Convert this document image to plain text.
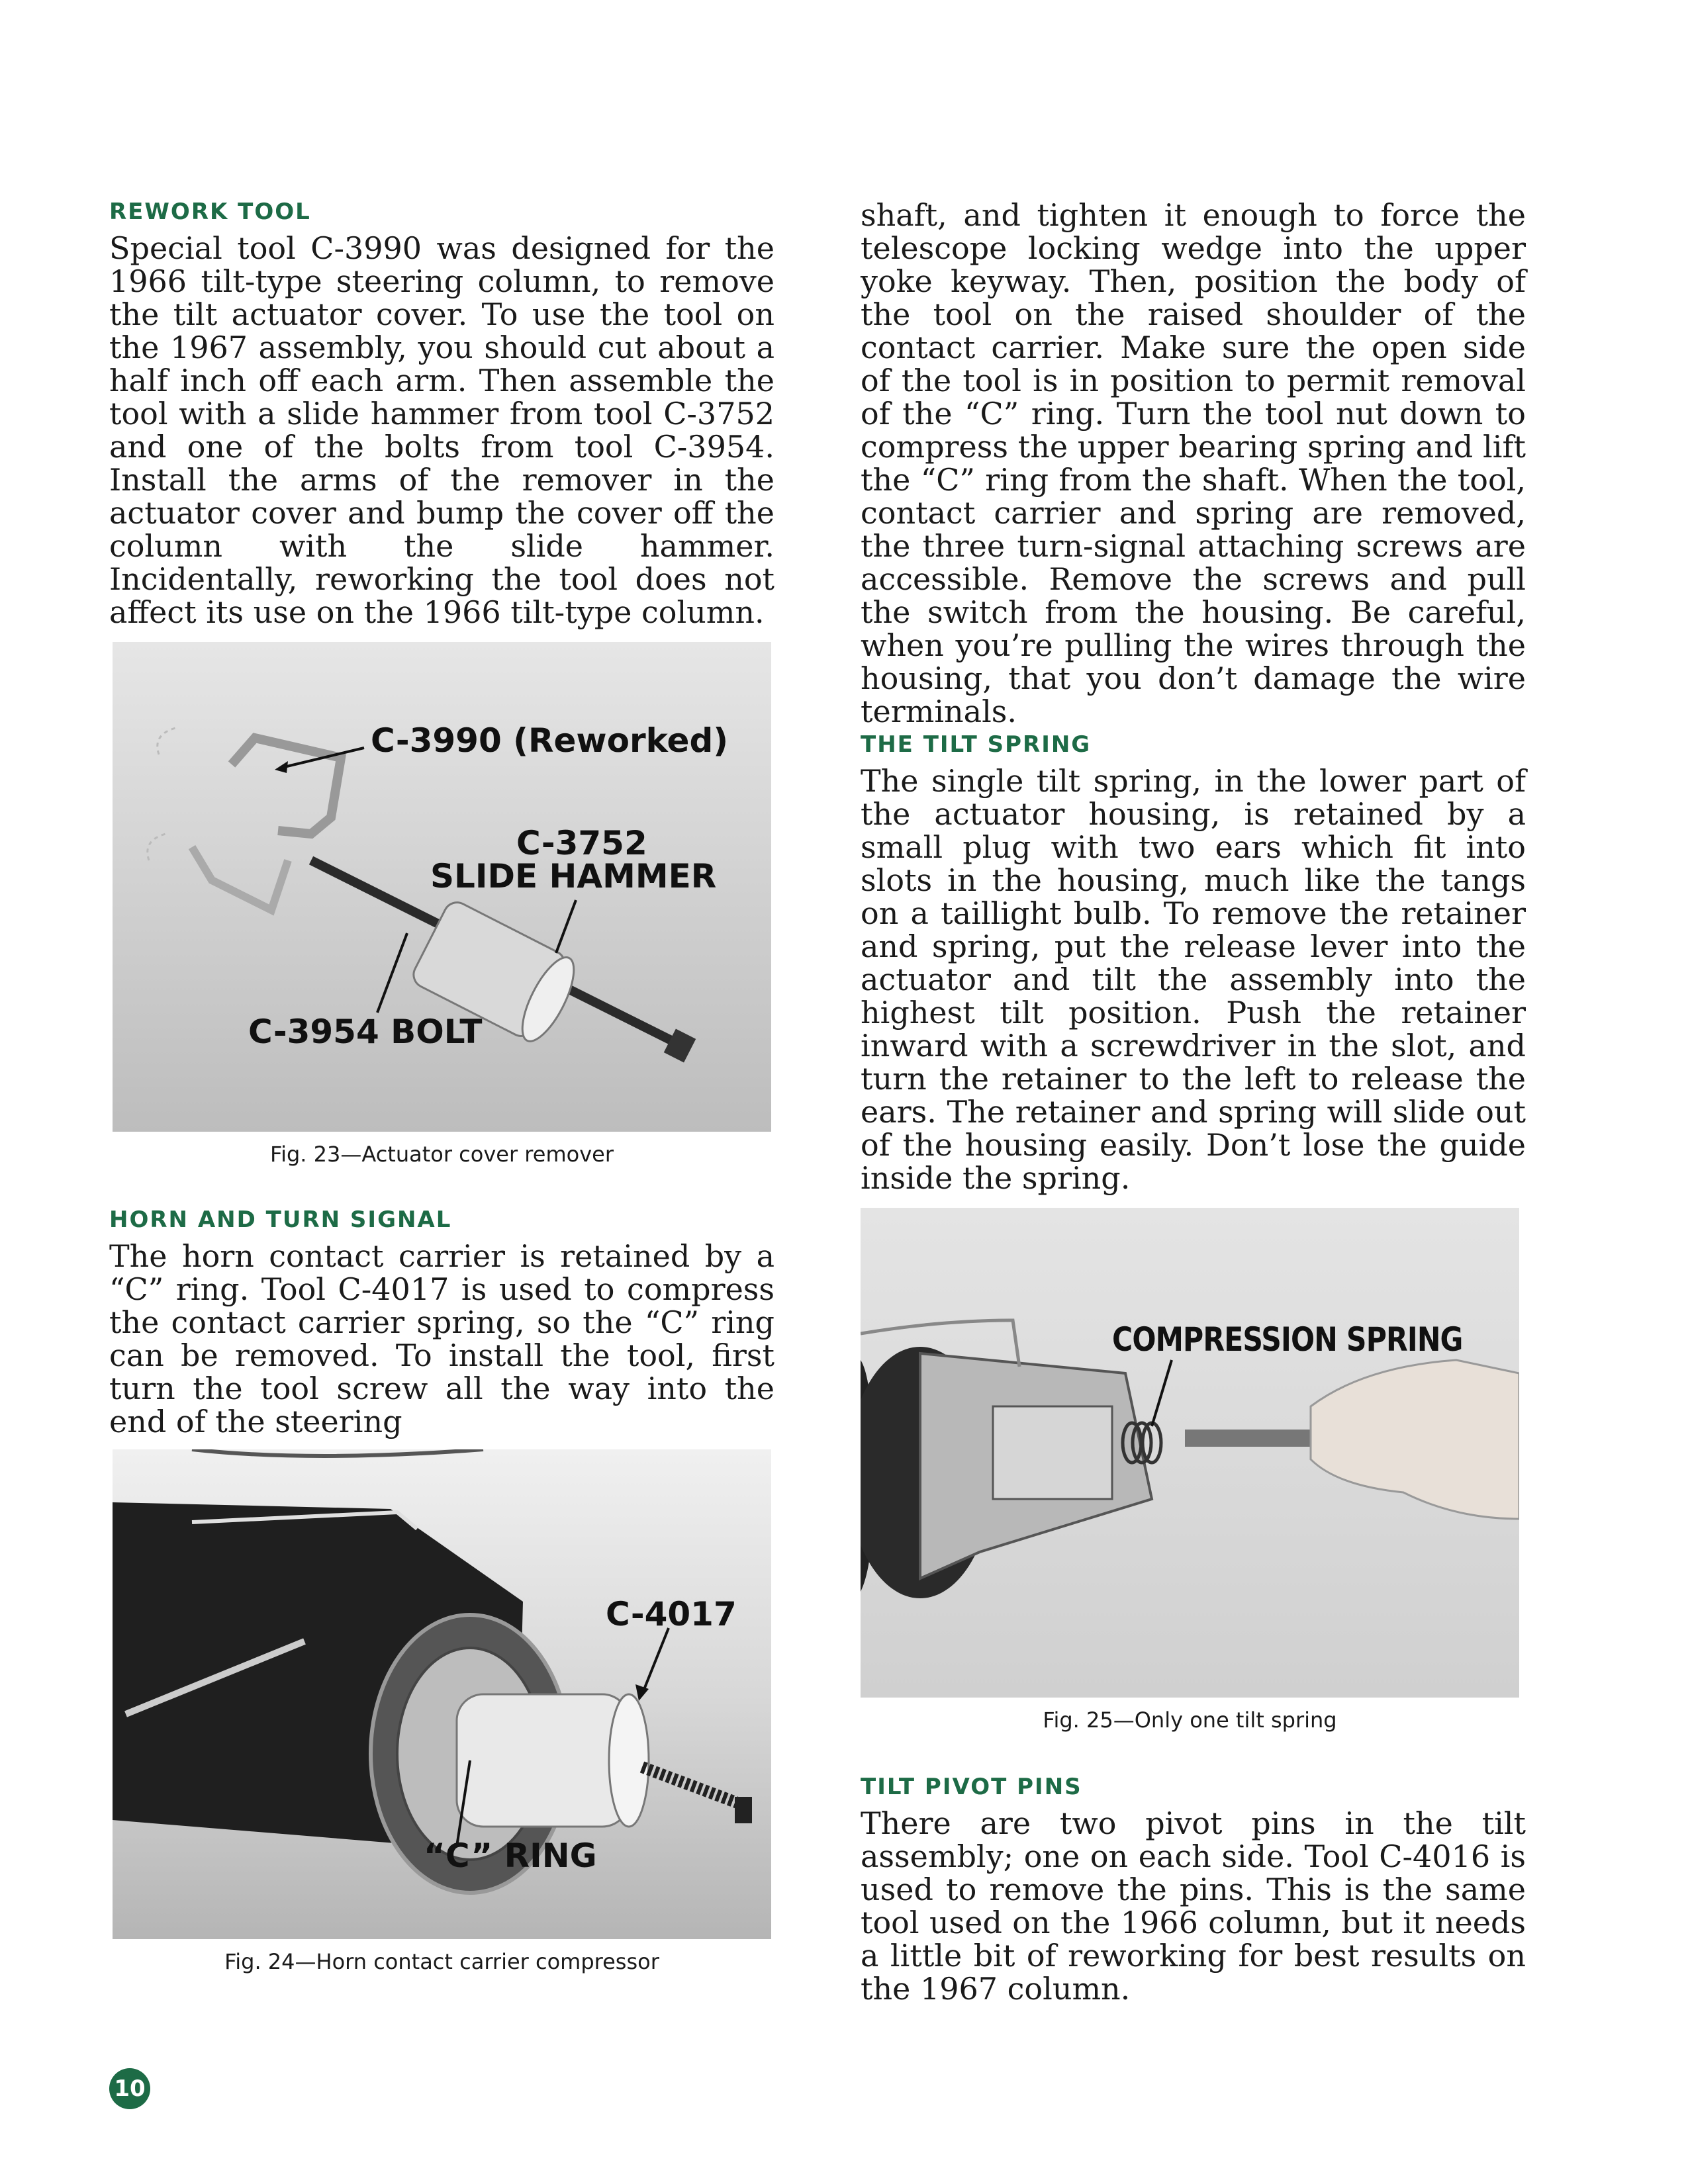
REWORK TOOL

Special tool C-3990 was designed for the 1966 tilt-type steering column, to remove the tilt actuator cover. To use the tool on the 1967 assembly, you should cut about a half inch off each arm. Then assemble the tool with a slide hammer from tool C-3752 and one of the bolts from tool C-3954. Install the arms of the remover in the actuator cover and bump the cover off the column with the slide hammer. Incidentally, reworking the tool does not affect its use on the 1966 tilt-type column.

C-3990 (Reworked)
C-3752
SLIDE HAMMER
C-3954 BOLT
Fig. 23—Actuator cover remover
HORN AND TURN SIGNAL

The horn contact carrier is retained by a “C” ring. Tool C-4017 is used to compress the contact carrier spring, so the “C” ring can be removed. To install the tool, first turn the tool screw all the way into the end of the steering

C-4017
“C” RING
Fig. 24—Horn contact carrier compressor

shaft, and tighten it enough to force the telescope locking wedge into the upper yoke keyway. Then, position the body of the tool on the raised shoulder of the contact carrier. Make sure the open side of the tool is in position to permit removal of the “C” ring. Turn the tool nut down to compress the upper bearing spring and lift the “C” ring from the shaft. When the tool, contact carrier and spring are removed, the three turn-signal attaching screws are accessible. Remove the screws and pull the switch from the housing. Be careful, when you’re pulling the wires through the housing, that you don’t damage the wire terminals.

THE TILT SPRING

The single tilt spring, in the lower part of the actuator housing, is retained by a small plug with two ears which fit into slots in the housing, much like the tangs on a taillight bulb. To remove the retainer and spring, put the release lever into the actuator and tilt the assembly into the highest tilt position. Push the retainer inward with a screwdriver in the slot, and turn the retainer to the left to release the ears. The retainer and spring will slide out of the housing easily. Don’t lose the guide inside the spring.

COMPRESSION SPRING
Fig. 25—Only one tilt spring
TILT PIVOT PINS

There are two pivot pins in the tilt assembly; one on each side. Tool C-4016 is used to remove the pins. This is the same tool used on the 1966 column, but it needs a little bit of reworking for best results on the 1967 column.

10
